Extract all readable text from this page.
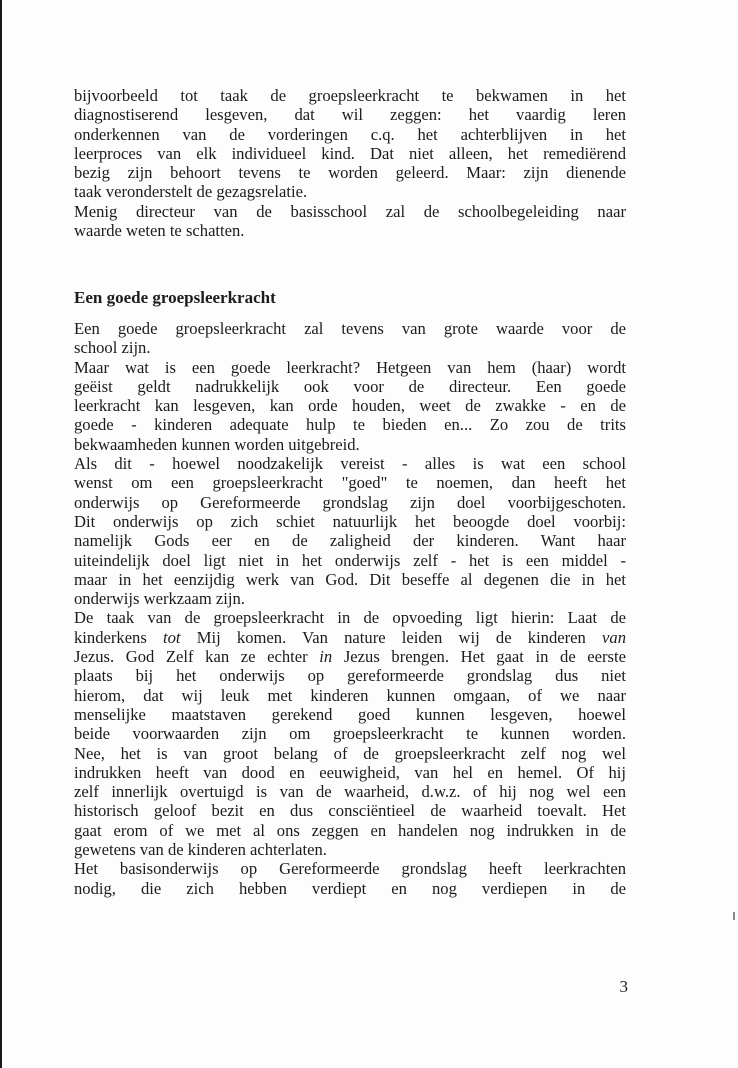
bijvoorbeeld tot taak de groepsleerkracht te bekwamen in het
diagnostiserend lesgeven, dat wil zeggen: het vaardig leren
onderkennen van de vorderingen c.q. het achterblijven in het
leerproces van elk individueel kind. Dat niet alleen, het remediërend
bezig zijn behoort tevens te worden geleerd. Maar: zijn dienende
taak veronderstelt de gezagsrelatie.
Menig directeur van de basisschool zal de schoolbegeleiding naar
waarde weten te schatten.
Een goede groepsleerkracht
Een goede groepsleerkracht zal tevens van grote waarde voor de
school zijn.
Maar wat is een goede leerkracht? Hetgeen van hem (haar) wordt
geëist geldt nadrukkelijk ook voor de directeur. Een goede
leerkracht kan lesgeven, kan orde houden, weet de zwakke - en de
goede - kinderen adequate hulp te bieden en... Zo zou de trits
bekwaamheden kunnen worden uitgebreid.
Als dit - hoewel noodzakelijk vereist - alles is wat een school
wenst om een groepsleerkracht "goed" te noemen, dan heeft het
onderwijs op Gereformeerde grondslag zijn doel voorbijgeschoten.
Dit onderwijs op zich schiet natuurlijk het beoogde doel voorbij:
namelijk Gods eer en de zaligheid der kinderen. Want haar
uiteindelijk doel ligt niet in het onderwijs zelf - het is een middel -
maar in het eenzijdig werk van God. Dit beseffe al degenen die in het
onderwijs werkzaam zijn.
De taak van de groepsleerkracht in de opvoeding ligt hierin: Laat de
kinderkens tot Mij komen. Van nature leiden wij de kinderen van
Jezus. God Zelf kan ze echter in Jezus brengen. Het gaat in de eerste
plaats bij het onderwijs op gereformeerde grondslag dus niet
hierom, dat wij leuk met kinderen kunnen omgaan, of we naar
menselijke maatstaven gerekend goed kunnen lesgeven, hoewel
beide voorwaarden zijn om groepsleerkracht te kunnen worden.
Nee, het is van groot belang of de groepsleerkracht zelf nog wel
indrukken heeft van dood en eeuwigheid, van hel en hemel. Of hij
zelf innerlijk overtuigd is van de waarheid, d.w.z. of hij nog wel een
historisch geloof bezit en dus consciëntieel de waarheid toevalt. Het
gaat erom of we met al ons zeggen en handelen nog indrukken in de
gewetens van de kinderen achterlaten.
Het basisonderwijs op Gereformeerde grondslag heeft leerkrachten
nodig, die zich hebben verdiept en nog verdiepen in de
3
